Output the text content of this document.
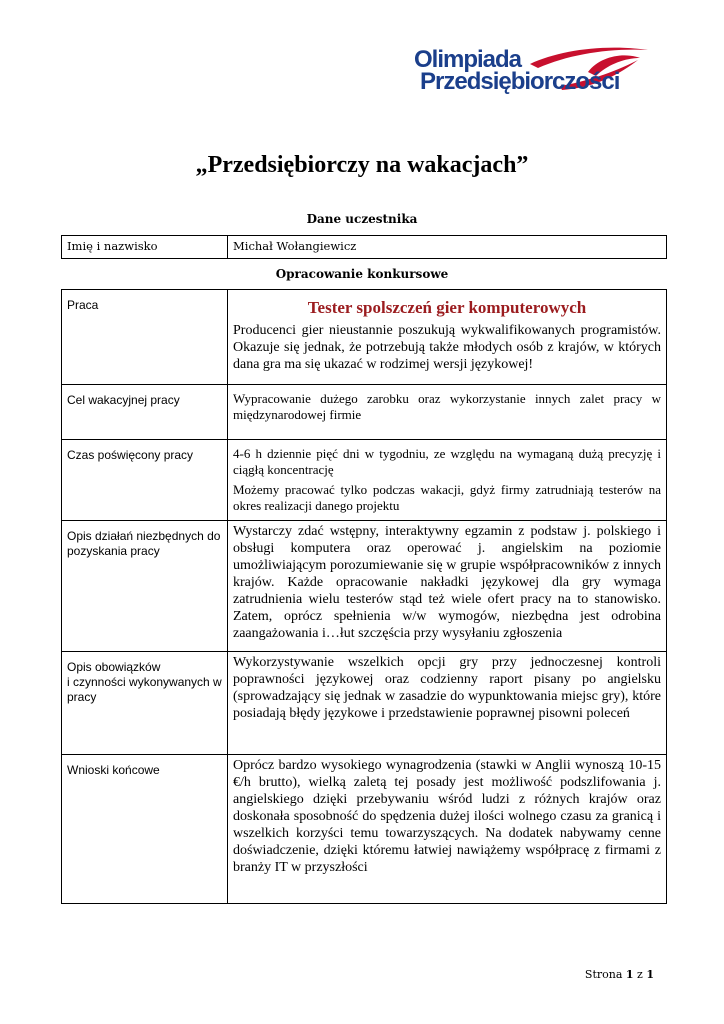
Olimpiada
Przedsiębiorczości
„Przedsiębiorczy na wakacjach”
Dane uczestnika
Imię i nazwisko	Michał Wołangiewicz
Opracowanie konkursowe
Praca	Tester spolszczeń gier komputerowych
Producenci gier nieustannie poszukują wykwalifikowanych programistów. Okazuje się jednak, że potrzebują także młodych osób z krajów, w których dana gra ma się ukazać w rodzimej wersji językowej!

Cel wakacyjnej pracy	Wypracowanie dużego zarobku oraz wykorzystanie innych zalet pracy w międzynarodowej firmie

Czas poświęcony pracy	4-6 h dziennie pięć dni w tygodniu, ze względu na wymaganą dużą precyzję i ciągłą koncentrację
Możemy pracować tylko podczas wakacji, gdyż firmy zatrudniają testerów na okres realizacji danego projektu

Opis działań niezbędnych do pozyskania pracy	Wystarczy zdać wstępny, interaktywny egzamin z podstaw j. polskiego i obsługi komputera oraz operować j. angielskim na poziomie umożliwiającym porozumiewanie się w grupie współpracowników z innych krajów. Każde opracowanie nakładki językowej dla gry wymaga zatrudnienia wielu testerów stąd też wiele ofert pracy na to stanowisko. Zatem, oprócz spełnienia w/w wymogów, niezbędna jest odrobina zaangażowania i…łut szczęścia przy wysyłaniu zgłoszenia

Opis obowiązków
i czynności wykonywanych w pracy	Wykorzystywanie wszelkich opcji gry przy jednoczesnej kontroli poprawności językowej oraz codzienny raport pisany po angielsku (sprowadzający się jednak w zasadzie do wypunktowania miejsc gry), które posiadają błędy językowe i przedstawienie poprawnej pisowni poleceń

Wnioski końcowe	Oprócz bardzo wysokiego wynagrodzenia (stawki w Anglii wynoszą 10-15 €/h brutto), wielką zaletą tej posady jest możliwość podszlifowania j. angielskiego dzięki przebywaniu wśród ludzi z różnych krajów oraz doskonała sposobność do spędzenia dużej ilości wolnego czasu za granicą i wszelkich korzyści temu towarzyszących. Na dodatek nabywamy cenne doświadczenie, dzięki któremu łatwiej nawiążemy współpracę z firmami z branży IT w przyszłości
Strona 1 z 1
